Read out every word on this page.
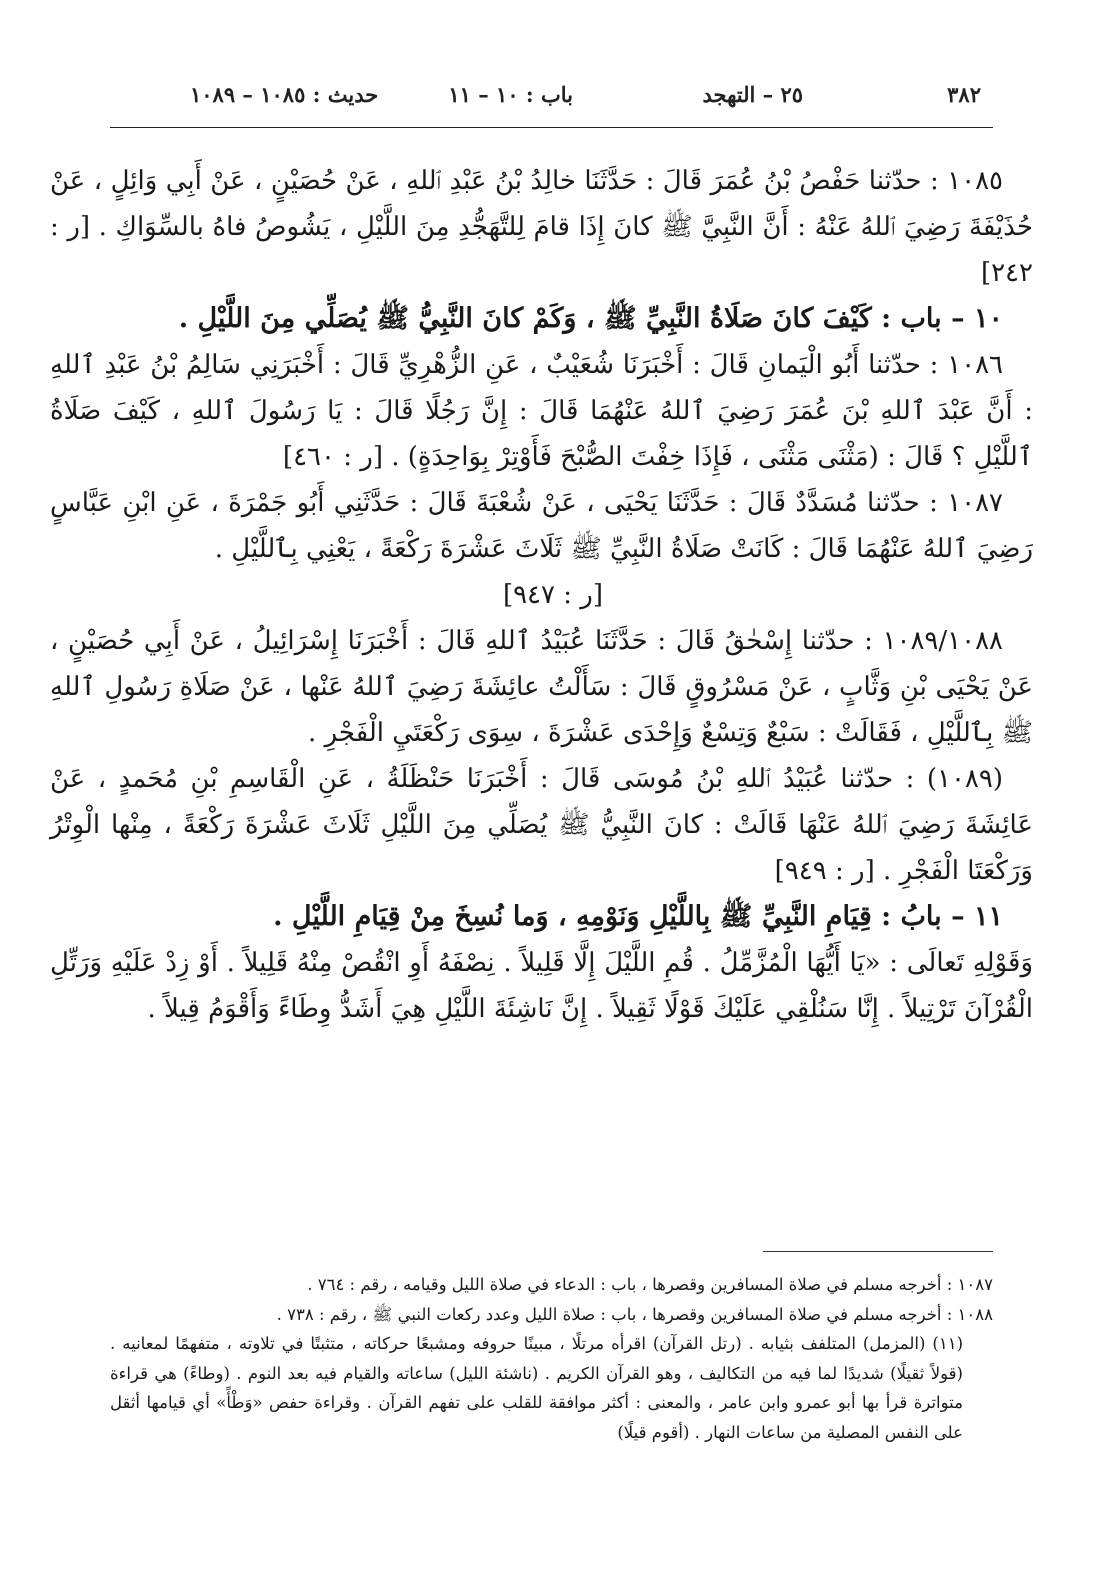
٣٨٢
٢٥ – التهجد
باب : ١٠ – ١١
حديث : ١٠٨٥ – ١٠٨٩

١٠٨٥ : حدّثنا حَفْصُ بْنُ عُمَرَ قَالَ : حَدَّثَنَا خالِدُ بْنُ عَبْدِ ٱللهِ ، عَنْ حُصَيْنٍ ، عَنْ أَبِي وَائِلٍ ، عَنْ حُذَيْفَةَ رَضِيَ ٱللهُ عَنْهُ : أَنَّ النَّبِيَّ ﷺ كانَ إِذَا قامَ لِلتَّهَجُّدِ مِنَ اللَّيْلِ ، يَشُوصُ فاهُ بالسِّوَاكِ . [ر : ٢٤٢]

١٠ – باب : كَيْفَ كانَ صَلَاةُ النَّبِيِّ ﷺ ، وَكَمْ كانَ النَّبِيُّ ﷺ يُصَلِّي مِنَ اللَّيْلِ .

١٠٨٦ : حدّثنا أَبُو الْيَمانِ قَالَ : أَخْبَرَنَا شُعَيْبٌ ، عَنِ الزُّهْرِيِّ قَالَ : أَخْبَرَنِي سَالِمُ بْنُ عَبْدِ ٱللهِ : أَنَّ عَبْدَ ٱللهِ بْنَ عُمَرَ رَضِيَ ٱللهُ عَنْهُمَا قَالَ : إِنَّ رَجُلًا قَالَ : يَا رَسُولَ ٱللهِ ، كَيْفَ صَلَاةُ ٱللَّيْلِ ؟ قَالَ : (مَثْنَى مَثْنَى ، فَإِذَا خِفْتَ الصُّبْحَ فَأَوْتِرْ بِوَاحِدَةٍ) . [ر : ٤٦٠]

١٠٨٧ : حدّثنا مُسَدَّدٌ قَالَ : حَدَّثَنَا يَحْيَى ، عَنْ شُعْبَةَ قَالَ : حَدَّثَنِي أَبُو جَمْرَةَ ، عَنِ ابْنِ عَبَّاسٍ رَضِيَ ٱللهُ عَنْهُمَا قَالَ : كَانَتْ صَلَاةُ النَّبِيِّ ﷺ ثَلَاثَ عَشْرَةَ رَكْعَةً ، يَعْنِي بِٱللَّيْلِ .

[ر : ٩٤٧]

١٠٨٩/١٠٨٨ : حدّثنا إِسْحٰقُ قَالَ : حَدَّثَنَا عُبَيْدُ ٱللهِ قَالَ : أَخْبَرَنَا إِسْرَائِيلُ ، عَنْ أَبِي حُصَيْنٍ ، عَنْ يَحْيَى بْنِ وَثَّابٍ ، عَنْ مَسْرُوقٍ قَالَ : سَأَلْتُ عائِشَةَ رَضِيَ ٱللهُ عَنْها ، عَنْ صَلَاةِ رَسُولِ ٱللهِ ﷺ بِٱللَّيْلِ ، فَقَالَتْ : سَبْعٌ وَتِسْعٌ وَإِحْدَى عَشْرَةَ ، سِوَى رَكْعَتَيِ الْفَجْرِ .

(١٠٨٩) : حدّثنا عُبَيْدُ ٱللهِ بْنُ مُوسَى قَالَ : أَخْبَرَنَا حَنْظَلَةُ ، عَنِ الْقَاسِمِ بْنِ مُحَمدٍ ، عَنْ عَائِشَةَ رَضِيَ ٱللهُ عَنْهَا قَالَتْ : كانَ النَّبِيُّ ﷺ يُصَلِّي مِنَ اللَّيْلِ ثَلَاثَ عَشْرَةَ رَكْعَةً ، مِنْها الْوِتْرُ وَرَكْعَتَا الْفَجْرِ . [ر : ٩٤٩]

١١ – بابُ : قِيَامِ النَّبِيِّ ﷺ بِاللَّيْلِ وَنَوْمِهِ ، وَما نُسِخَ مِنْ قِيَامِ اللَّيْلِ .

وَقَوْلِهِ تَعالَى : «يَا أَيُّهَا الْمُزَّمِّلُ . قُمِ اللَّيْلَ إِلَّا قَلِيلاً . نِصْفَهُ أَوِ انْقُصْ مِنْهُ قَلِيلاً . أَوْ زِدْ عَلَيْهِ وَرَتِّلِ الْقُرْآنَ تَرْتِيلاً . إِنَّا سَنُلْقِي عَلَيْكَ قَوْلًا ثَقِيلاً . إِنَّ نَاشِئَةَ اللَّيْلِ هِيَ أَشَدُّ وِطَاءً وَأَقْوَمُ قِيلاً .

١٠٨٧ : أخرجه مسلم في صلاة المسافرين وقصرها ، باب : الدعاء في صلاة الليل وقيامه ، رقم : ٧٦٤ .

١٠٨٨ : أخرجه مسلم في صلاة المسافرين وقصرها ، باب : صلاة الليل وعدد ركعات النبي ﷺ ، رقم : ٧٣٨ .

(١١) (المزمل) المتلفف بثيابه . (رتل القرآن) اقرأه مرتلًا ، مبينًا حروفه ومشبعًا حركاته ، متثبتًا في تلاوته ، متفهمًا لمعانيه . (قولاً ثقيلًا) شديدًا لما فيه من التكاليف ، وهو القرآن الكريم . (ناشئة الليل) ساعاته والقيام فيه بعد النوم . (وطاءً) هي قراءة متواترة قرأ بها أبو عمرو وابن عامر ، والمعنى : أكثر موافقة للقلب على تفهم القرآن . وقراءة حفص «وَطْأً» أي قيامها أثقل على النفس المصلية من ساعات النهار . (أقوم قيلًا)
